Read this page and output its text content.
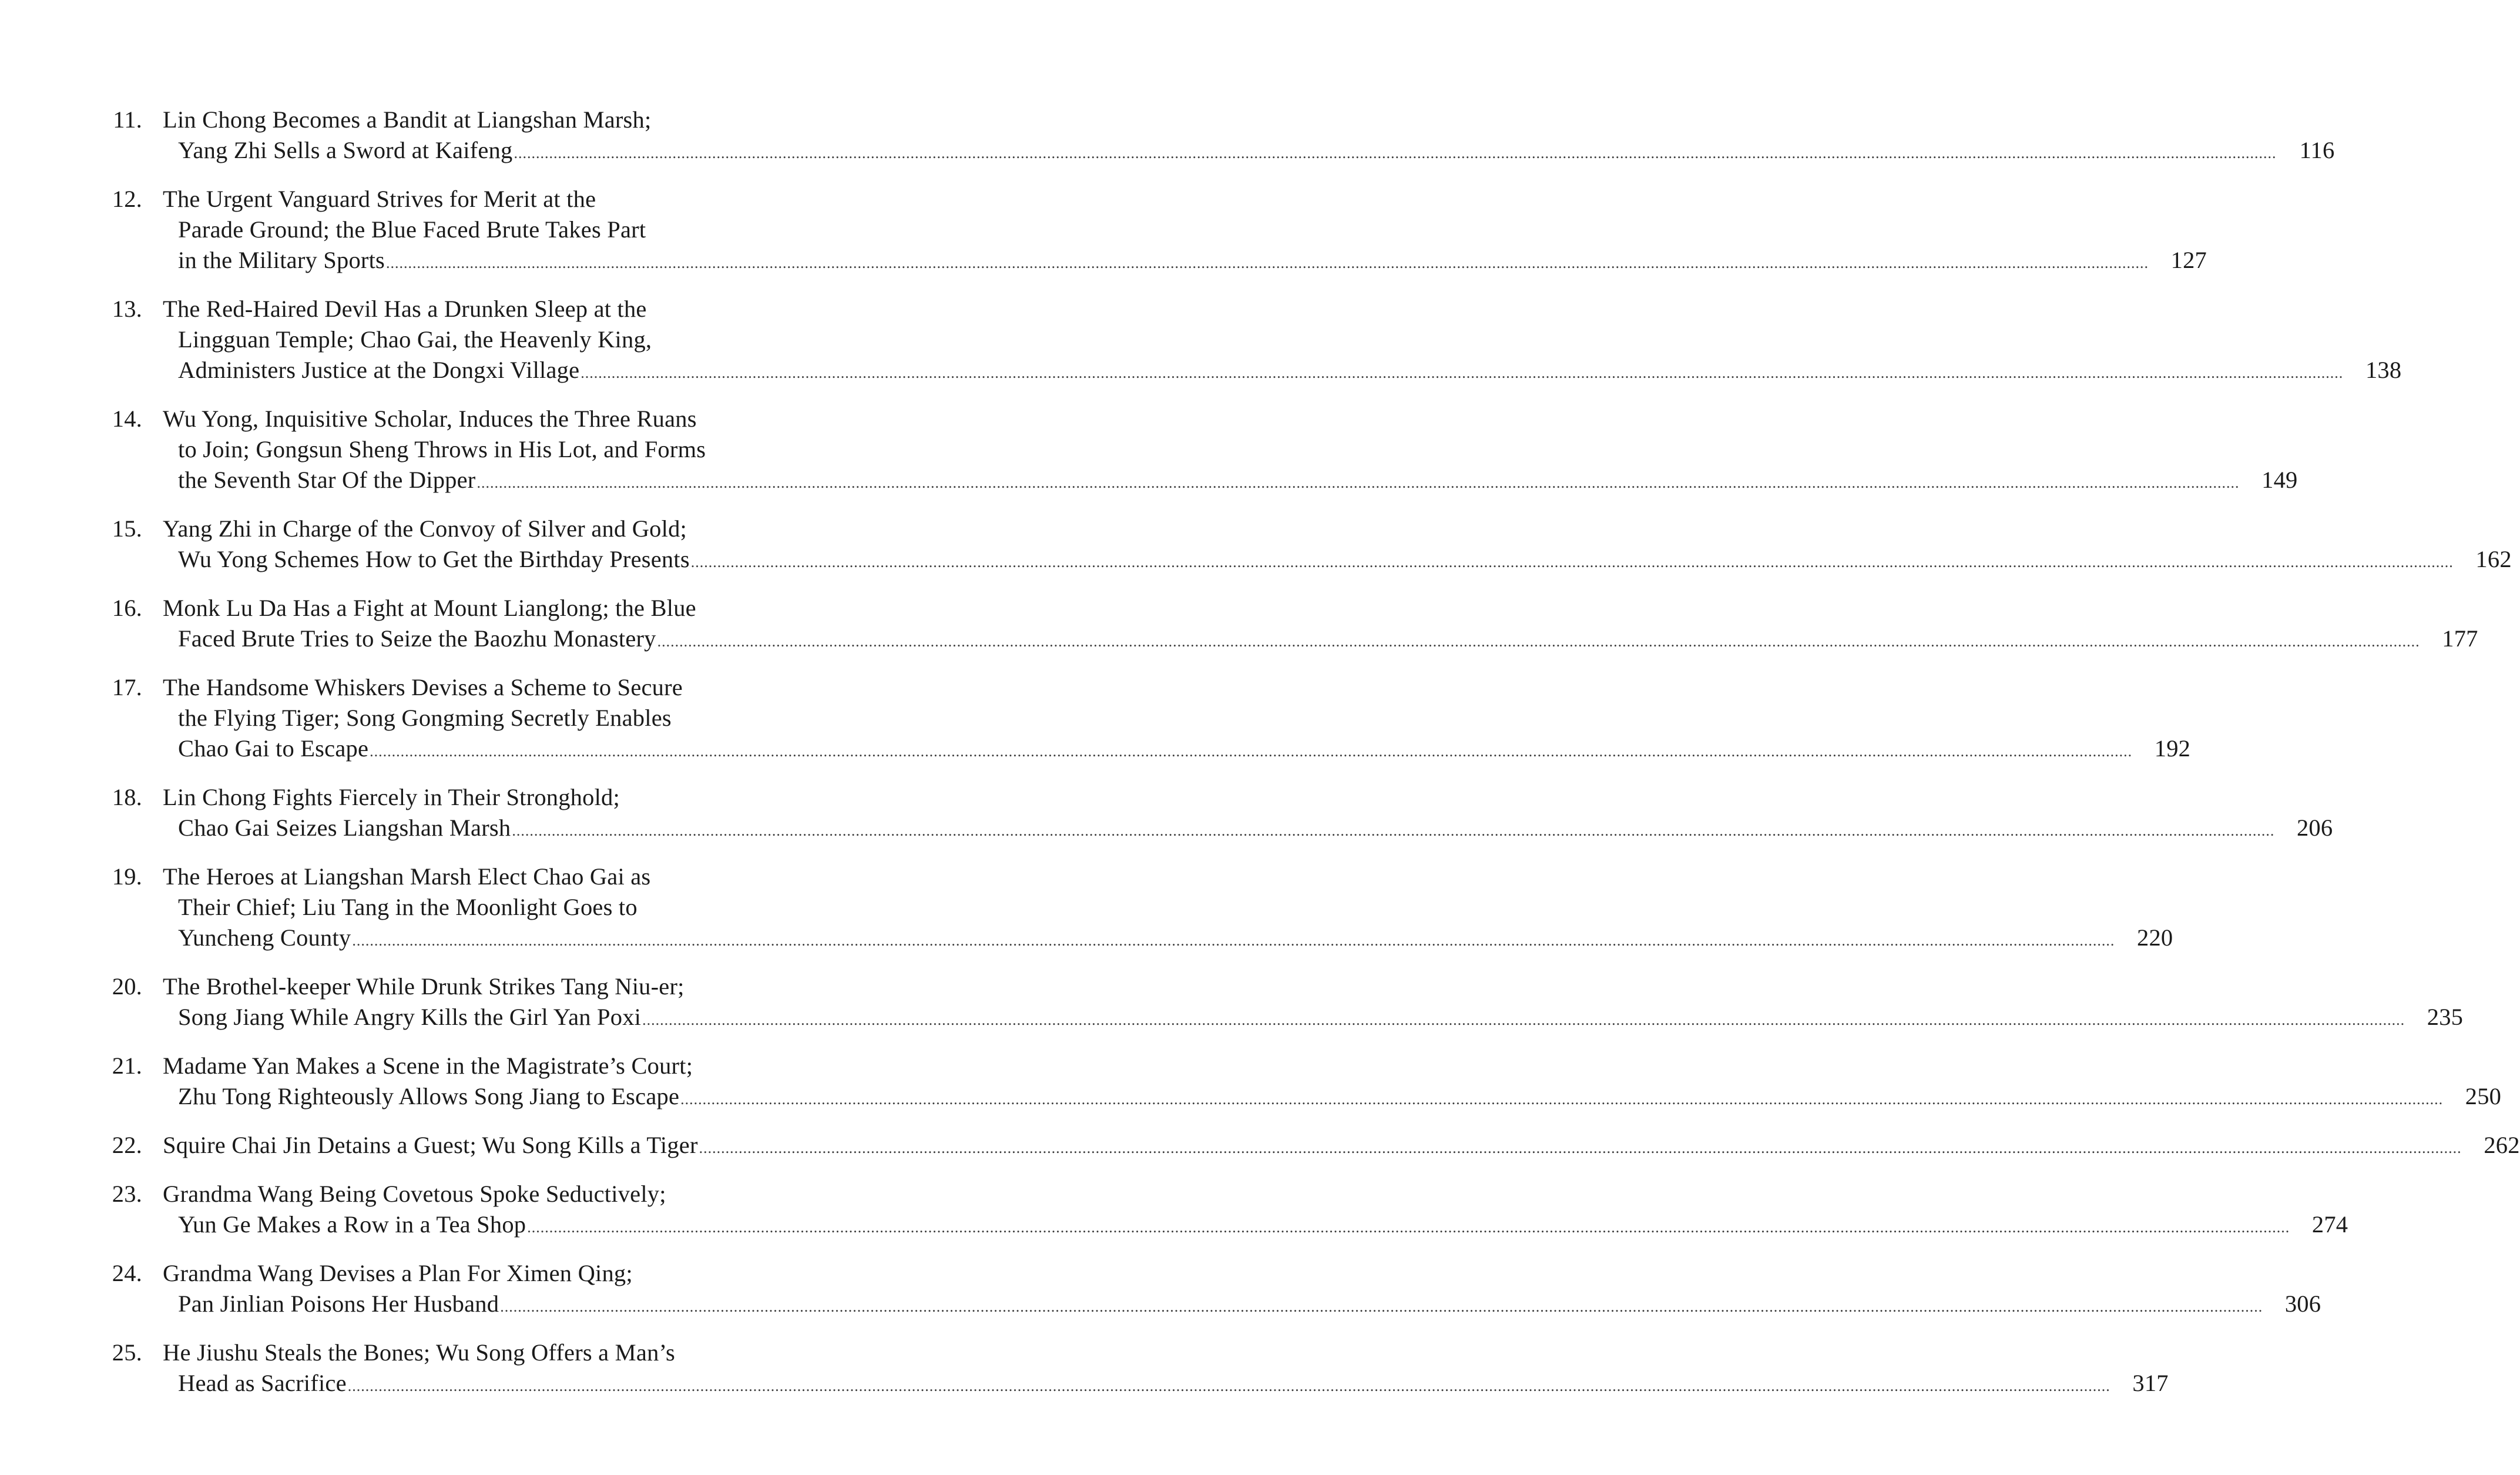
11. Lin Chong Becomes a Bandit at Liangshan Marsh;
Yang Zhi Sells a Sword at Kaifeng ................................................................................................................................................................................................................................................................................................................................................................................................................ 116
12. The Urgent Vanguard Strives for Merit at the
Parade Ground; the Blue Faced Brute Takes Part
in the Military Sports ................................................................................................................................................................................................................................................................................................................................................................................................................ 127
13. The Red-Haired Devil Has a Drunken Sleep at the
Lingguan Temple; Chao Gai, the Heavenly King,
Administers Justice at the Dongxi Village ................................................................................................................................................................................................................................................................................................................................................................................................................ 138
14. Wu Yong, Inquisitive Scholar, Induces the Three Ruans
to Join; Gongsun Sheng Throws in His Lot, and Forms
the Seventh Star Of the Dipper ................................................................................................................................................................................................................................................................................................................................................................................................................ 149
15. Yang Zhi in Charge of the Convoy of Silver and Gold;
Wu Yong Schemes How to Get the Birthday Presents ................................................................................................................................................................................................................................................................................................................................................................................................................ 162
16. Monk Lu Da Has a Fight at Mount Lianglong; the Blue
Faced Brute Tries to Seize the Baozhu Monastery ................................................................................................................................................................................................................................................................................................................................................................................................................ 177
17. The Handsome Whiskers Devises a Scheme to Secure
the Flying Tiger; Song Gongming Secretly Enables
Chao Gai to Escape ................................................................................................................................................................................................................................................................................................................................................................................................................ 192
18. Lin Chong Fights Fiercely in Their Stronghold;
Chao Gai Seizes Liangshan Marsh ................................................................................................................................................................................................................................................................................................................................................................................................................ 206
19. The Heroes at Liangshan Marsh Elect Chao Gai as
Their Chief; Liu Tang in the Moonlight Goes to
Yuncheng County ................................................................................................................................................................................................................................................................................................................................................................................................................ 220
20. The Brothel-keeper While Drunk Strikes Tang Niu-er;
Song Jiang While Angry Kills the Girl Yan Poxi ................................................................................................................................................................................................................................................................................................................................................................................................................ 235
21. Madame Yan Makes a Scene in the Magistrate’s Court;
Zhu Tong Righteously Allows Song Jiang to Escape ................................................................................................................................................................................................................................................................................................................................................................................................................ 250
22. Squire Chai Jin Detains a Guest; Wu Song Kills a Tiger ................................................................................................................................................................................................................................................................................................................................................................................................................ 262
23. Grandma Wang Being Covetous Spoke Seductively;
Yun Ge Makes a Row in a Tea Shop ................................................................................................................................................................................................................................................................................................................................................................................................................ 274
24. Grandma Wang Devises a Plan For Ximen Qing;
Pan Jinlian Poisons Her Husband ................................................................................................................................................................................................................................................................................................................................................................................................................ 306
25. He Jiushu Steals the Bones; Wu Song Offers a Man’s
Head as Sacrifice ................................................................................................................................................................................................................................................................................................................................................................................................................ 317
